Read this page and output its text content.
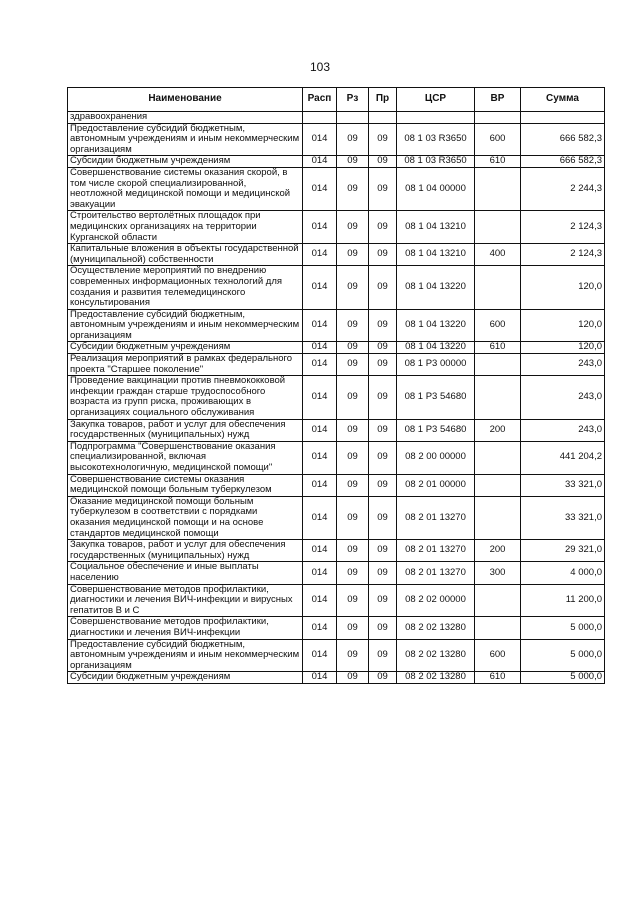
103
Наименование	Расп	Рз	Пр	ЦСР	ВР	Сумма
здравоохранения						
Предоставление субсидий бюджетным, автономным учреждениям и иным некоммерческим организациям	014	09	09	08 1 03 R3650	600	666 582,3
Субсидии бюджетным учреждениям	014	09	09	08 1 03 R3650	610	666 582,3
Совершенствование системы оказания скорой, в том числе скорой специализированной, неотложной медицинской помощи и медицинской эвакуации	014	09	09	08 1 04 00000		2 244,3
Строительство вертолётных площадок при медицинских организациях на территории Курганской области	014	09	09	08 1 04 13210		2 124,3
Капитальные вложения в объекты государственной (муниципальной) собственности	014	09	09	08 1 04 13210	400	2 124,3
Осуществление мероприятий по внедрению современных информационных технологий для создания и развития телемедицинского консультирования	014	09	09	08 1 04 13220		120,0
Предоставление субсидий бюджетным, автономным учреждениям и иным некоммерческим организациям	014	09	09	08 1 04 13220	600	120,0
Субсидии бюджетным учреждениям	014	09	09	08 1 04 13220	610	120,0
Реализация мероприятий в рамках федерального проекта "Старшее поколение"	014	09	09	08 1 P3 00000		243,0
Проведение вакцинации против пневмококковой инфекции граждан старше трудоспособного возраста из групп риска, проживающих в организациях социального обслуживания	014	09	09	08 1 P3 54680		243,0
Закупка товаров, работ и услуг для обеспечения государственных (муниципальных) нужд	014	09	09	08 1 P3 54680	200	243,0
Подпрограмма "Совершенствование оказания специализированной, включая высокотехнологичную, медицинской помощи"	014	09	09	08 2 00 00000		441 204,2
Совершенствование системы оказания медицинской помощи больным туберкулезом	014	09	09	08 2 01 00000		33 321,0
Оказание медицинской помощи больным туберкулезом в соответствии с порядками оказания медицинской помощи и на основе стандартов медицинской помощи	014	09	09	08 2 01 13270		33 321,0
Закупка товаров, работ и услуг для обеспечения государственных (муниципальных) нужд	014	09	09	08 2 01 13270	200	29 321,0
Социальное обеспечение и иные выплаты населению	014	09	09	08 2 01 13270	300	4 000,0
Совершенствование методов профилактики, диагностики и лечения ВИЧ-инфекции и вирусных гепатитов В и С	014	09	09	08 2 02 00000		11 200,0
Совершенствование методов профилактики, диагностики и лечения ВИЧ-инфекции	014	09	09	08 2 02 13280		5 000,0
Предоставление субсидий бюджетным, автономным учреждениям и иным некоммерческим организациям	014	09	09	08 2 02 13280	600	5 000,0
Субсидии бюджетным учреждениям	014	09	09	08 2 02 13280	610	5 000,0
